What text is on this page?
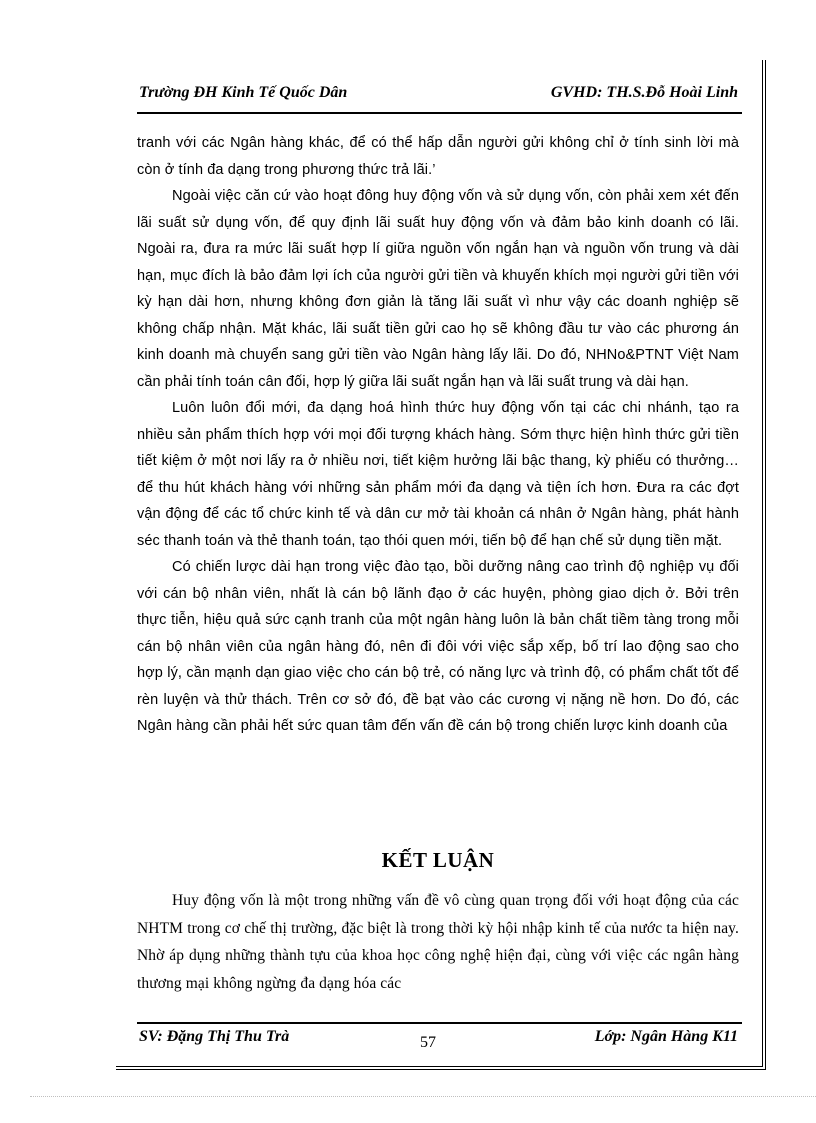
Trường ĐH Kinh Tế Quốc Dân	GVHD: TH.S.Đỗ Hoài Linh

tranh với các Ngân hàng khác, để có thể hấp dẫn người gửi không chỉ ở tính sinh lời mà còn ở tính đa dạng trong phương thức trả lãi.’

Ngoài việc căn cứ vào hoạt đông huy động vốn và sử dụng vốn, còn phải xem xét đến lãi suất sử dụng vốn, để quy định lãi suất huy động vốn và đảm bảo kinh doanh có lãi. Ngoài ra, đưa ra mức lãi suất hợp lí giữa nguồn vốn ngắn hạn và nguồn vốn trung và dài hạn, mục đích là bảo đảm lợi ích của người gửi tiền và khuyến khích mọi người gửi tiền với kỳ hạn dài hơn, nhưng không đơn giản là tăng lãi suất vì như vậy các doanh nghiệp sẽ không chấp nhận. Mặt khác, lãi suất tiền gửi cao họ sẽ không đầu tư vào các phương án kinh doanh mà chuyển sang gửi tiền vào Ngân hàng lấy lãi. Do đó, NHNo&PTNT Việt Nam cần phải tính toán cân đối, hợp lý giữa lãi suất ngắn hạn và lãi suất trung và dài hạn.

Luôn luôn đổi mới, đa dạng hoá hình thức huy động vốn tại các chi nhánh, tạo ra nhiều sản phẩm thích hợp với mọi đối tượng khách hàng. Sớm thực hiện hình thức gửi tiền tiết kiệm ở một nơi lấy ra ở nhiều nơi, tiết kiệm hưởng lãi bậc thang, kỳ phiếu có thưởng… để thu hút khách hàng với những sản phẩm mới đa dạng và tiện ích hơn. Đưa ra các đợt vận động để các tổ chức kinh tế và dân cư mở tài khoản cá nhân ở Ngân hàng, phát hành séc thanh toán và thẻ thanh toán, tạo thói quen mới, tiến bộ để hạn chế sử dụng tiền mặt.

Có chiến lược dài hạn trong việc đào tạo, bồi dưỡng nâng cao trình độ nghiệp vụ đối với cán bộ nhân viên, nhất là cán bộ lãnh đạo ở các huyện, phòng giao dịch ở. Bởi trên thực tiễn, hiệu quả sức cạnh tranh của một ngân hàng luôn là bản chất tiềm tàng trong mỗi cán bộ nhân viên của ngân hàng đó, nên đi đôi với việc sắp xếp, bố trí lao động sao cho hợp lý, cần mạnh dạn giao việc cho cán bộ trẻ, có năng lực và trình độ, có phẩm chất tốt để rèn luyện và thử thách. Trên cơ sở đó, đề bạt vào các cương vị nặng nề hơn. Do đó, các Ngân hàng cần phải hết sức quan tâm đến vấn đề cán bộ trong chiến lược kinh doanh của

KẾT LUẬN

Huy động vốn là một trong những vấn đề vô cùng quan trọng đối với hoạt động của các NHTM trong cơ chế thị trường, đặc biệt là trong thời kỳ hội nhập kinh tế của nước ta hiện nay. Nhờ áp dụng những thành tựu của khoa học công nghệ hiện đại, cùng với việc các ngân hàng thương mại không ngừng đa dạng hóa các

SV: Đặng Thị Thu Trà	57	Lớp: Ngân Hàng K11
